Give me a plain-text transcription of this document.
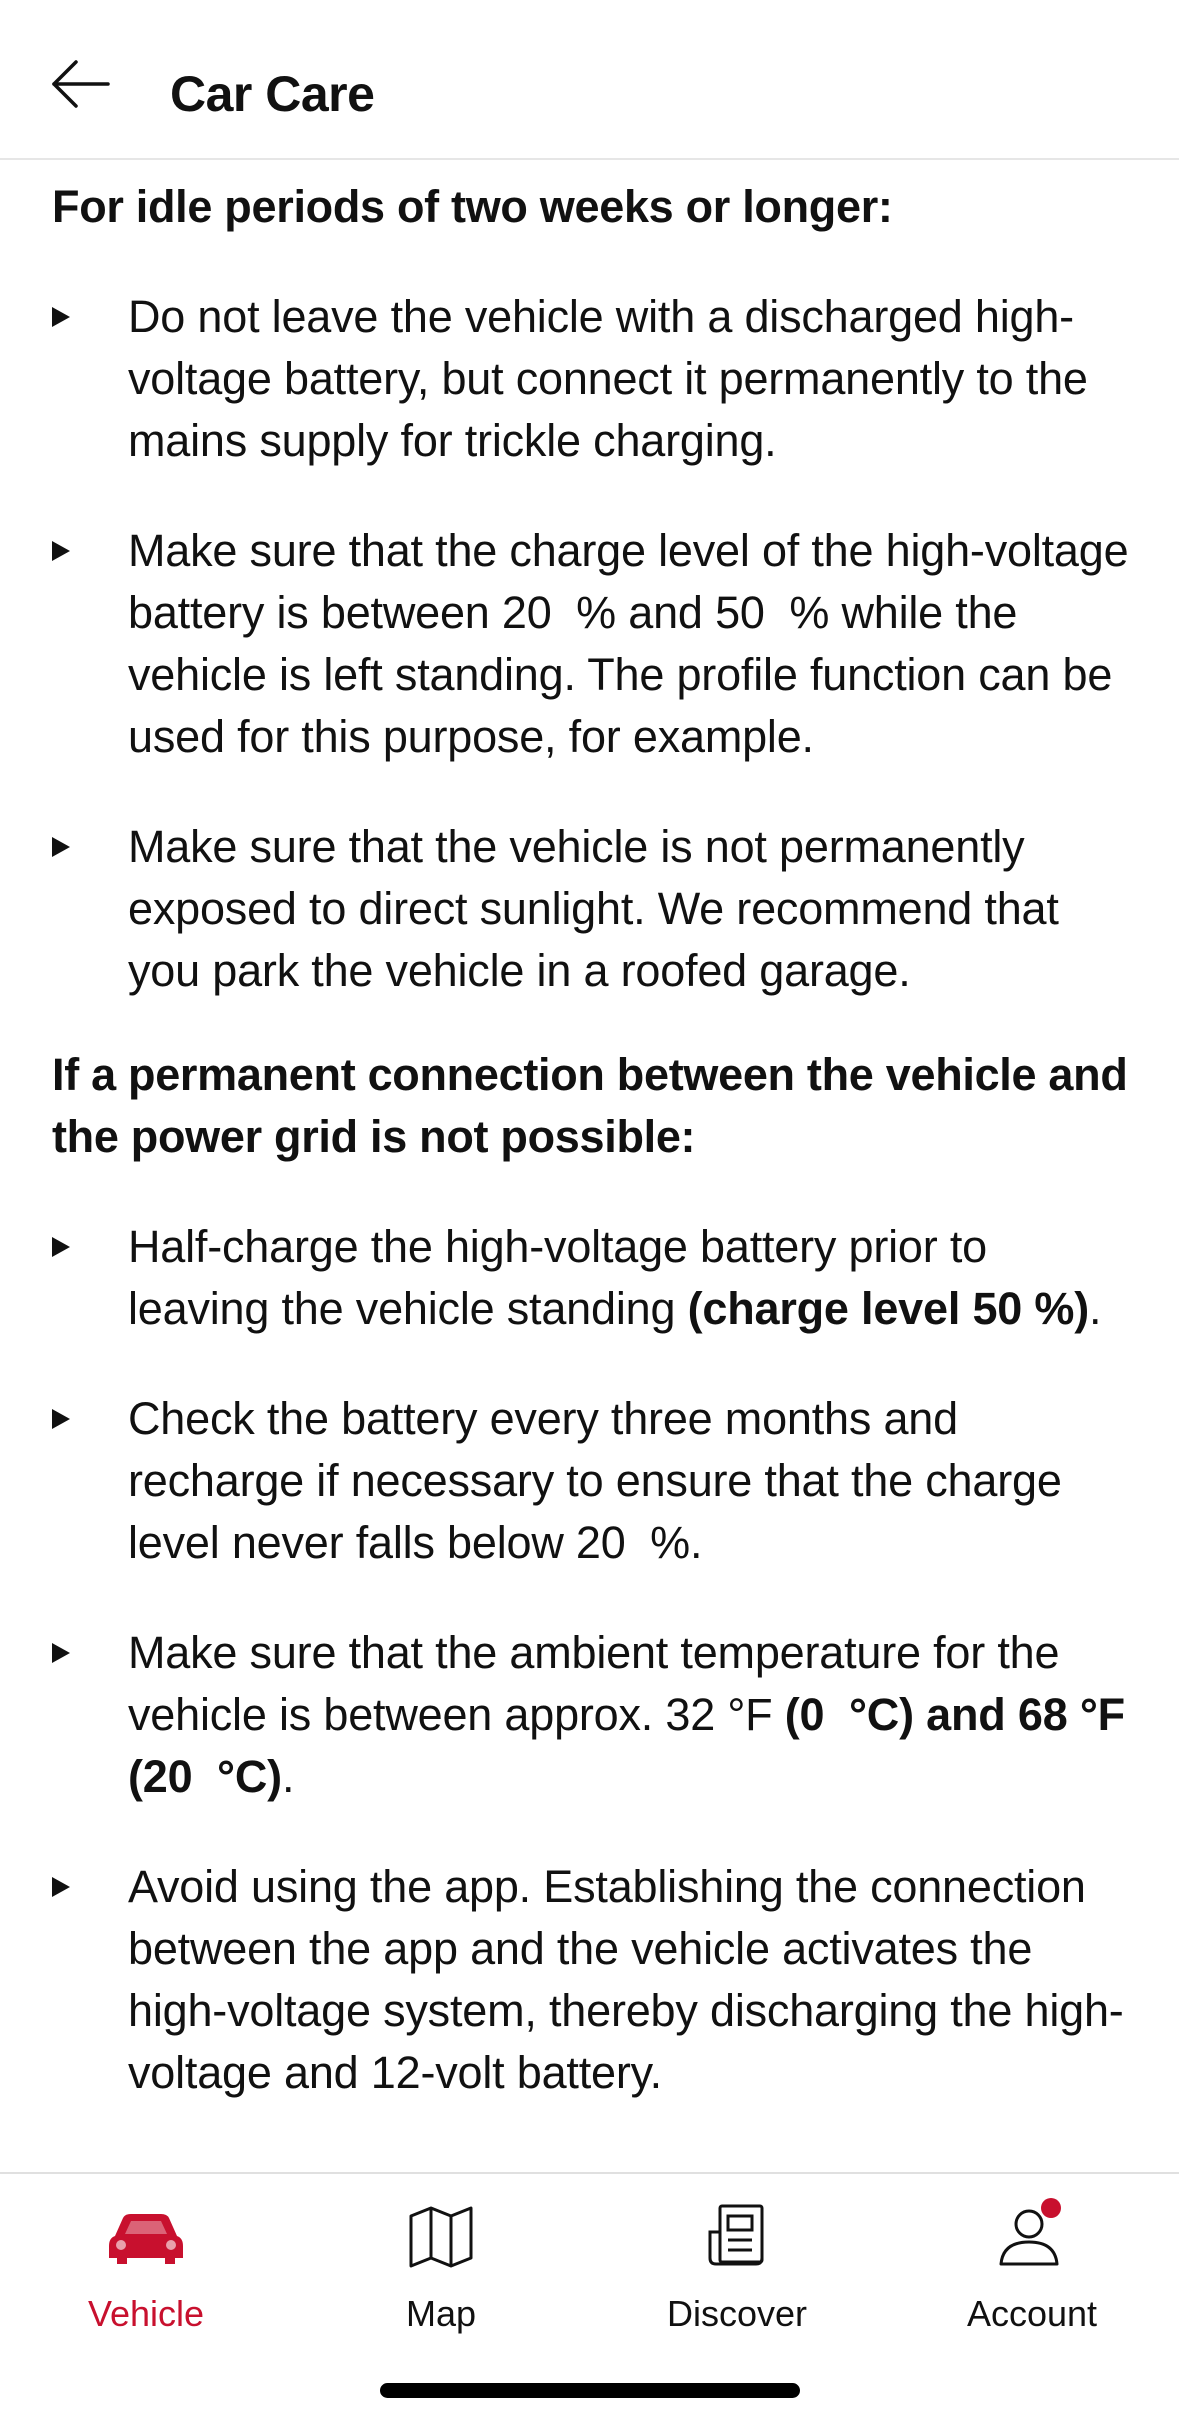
Car Care
For idle periods of two weeks or longer:
Do not leave the vehicle with a discharged high-voltage battery, but connect it permanently to the mains supply for trickle charging.
Make sure that the charge level of the high-voltage battery is between 20  % and 50  % while the vehicle is left standing. The profile function can be used for this purpose, for example.
Make sure that the vehicle is not permanently exposed to direct sunlight. We recommend that you park the vehicle in a roofed garage.
If a permanent connection between the vehicle and the power grid is not possible:
Half-charge the high-voltage battery prior to leaving the vehicle standing (charge level 50 %).
Check the battery every three months and recharge if necessary to ensure that the charge level never falls below 20  %.
Make sure that the ambient temperature for the vehicle is between approx. 32 °F (0  °C) and 68 °F (20  °C).
Avoid using the app. Establishing the connection between the app and the vehicle activates the high-voltage system, thereby discharging the high-voltage and 12-volt battery.
Vehicle	Map	Discover	Account
